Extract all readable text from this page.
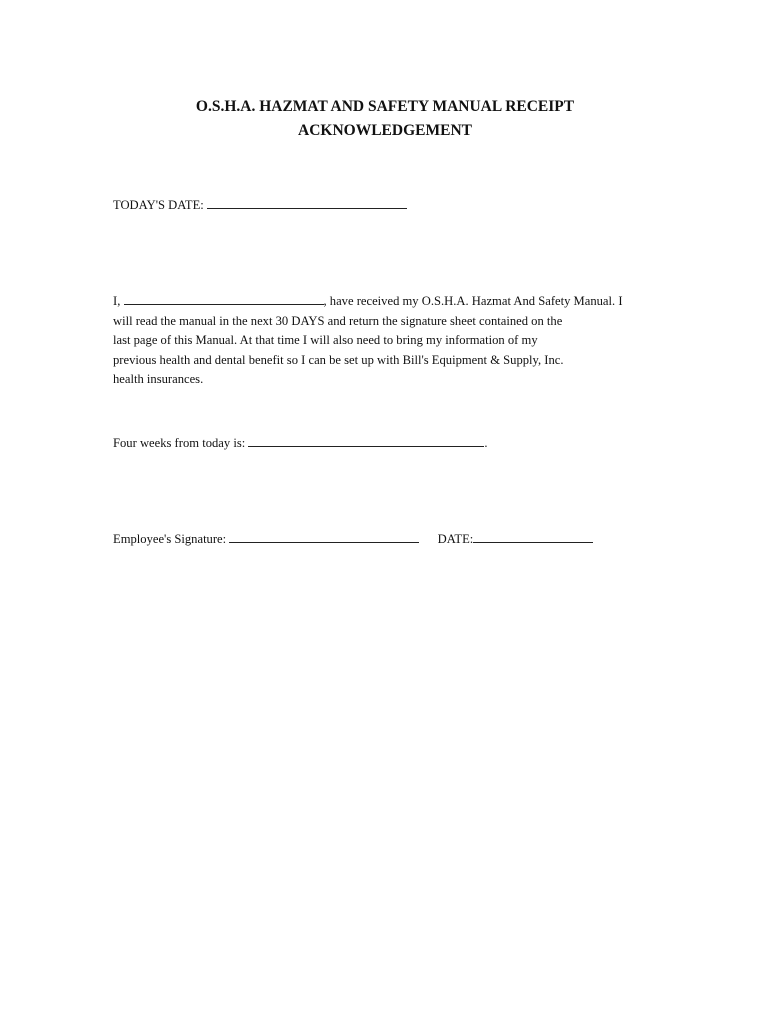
O.S.H.A. HAZMAT AND SAFETY MANUAL RECEIPT
ACKNOWLEDGEMENT
TODAY'S DATE:
I,	, have received my O.S.H.A. Hazmat And Safety Manual. I
will read the manual in the next 30 DAYS and return the signature sheet contained on the
last page of this Manual. At that time I will also need to bring my information of my
previous health and dental benefit so I can be set up with Bill's Equipment & Supply, Inc.
health insurances.
Four weeks from today is:	.
Employee's Signature:	DATE:
